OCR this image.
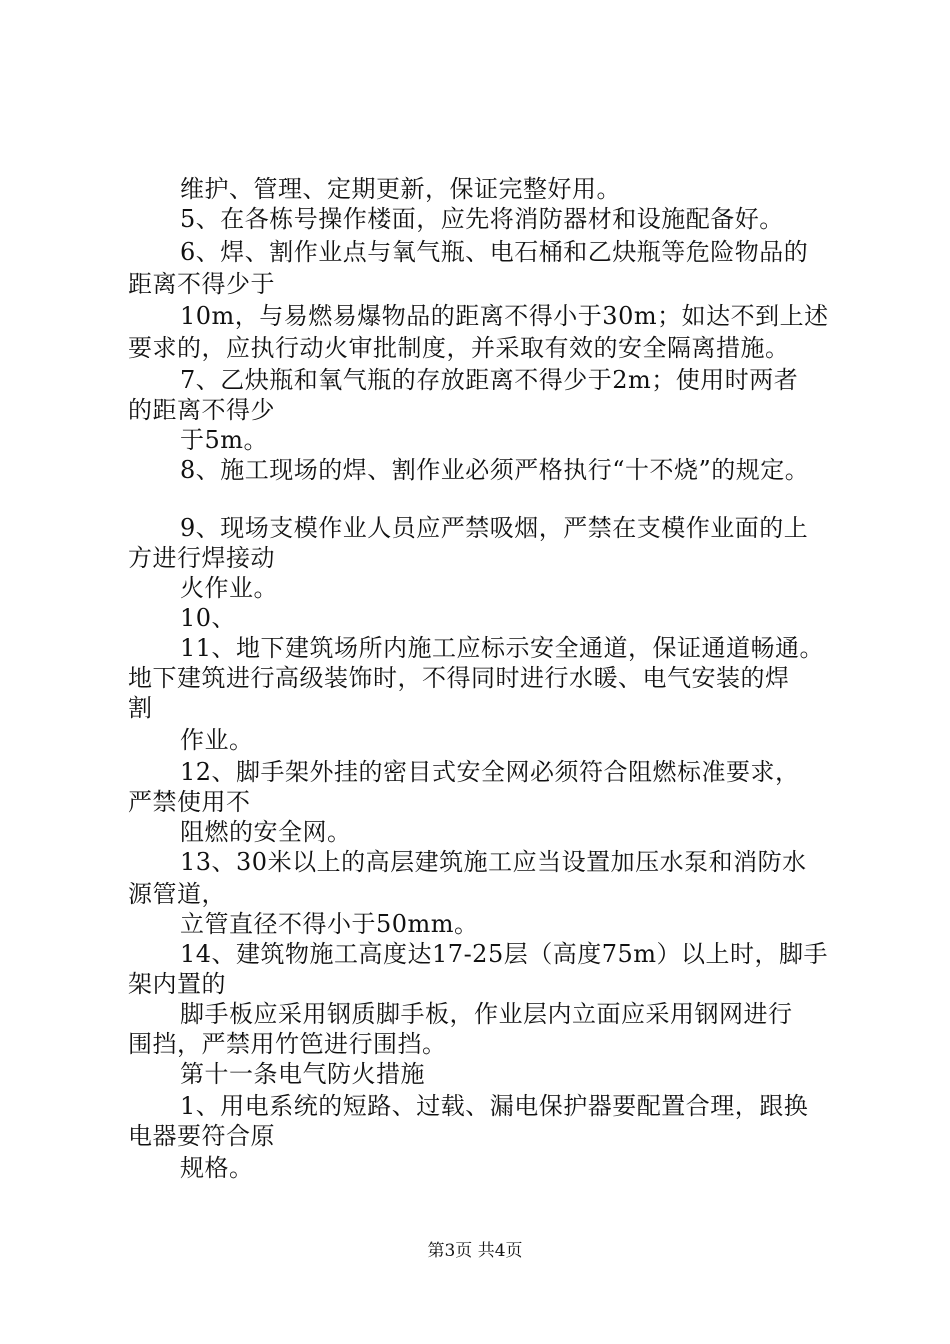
维护、管理、定期更新，保证完整好用。
5、在各栋号操作楼面，应先将消防器材和设施配备好。
6、焊、割作业点与氧气瓶、电石桶和乙炔瓶等危险物品的
距离不得少于
10m，与易燃易爆物品的距离不得小于30m；如达不到上述
要求的，应执行动火审批制度，并采取有效的安全隔离措施。
7、乙炔瓶和氧气瓶的存放距离不得少于2m；使用时两者
的距离不得少
于5m。
8、施工现场的焊、割作业必须严格执行“十不烧”的规定。
9、现场支模作业人员应严禁吸烟，严禁在支模作业面的上
方进行焊接动
火作业。
10、
11、地下建筑场所内施工应标示安全通道，保证通道畅通。
地下建筑进行高级装饰时，不得同时进行水暖、电气安装的焊
割
作业。
12、脚手架外挂的密目式安全网必须符合阻燃标准要求，
严禁使用不
阻燃的安全网。
13、30米以上的高层建筑施工应当设置加压水泵和消防水
源管道，
立管直径不得小于50mm。
14、建筑物施工高度达17-25层（高度75m）以上时，脚手
架内置的
脚手板应采用钢质脚手板，作业层内立面应采用钢网进行
围挡，严禁用竹笆进行围挡。
第十一条电气防火措施
1、用电系统的短路、过载、漏电保护器要配置合理，跟换
电器要符合原
规格。
第3页 共4页
